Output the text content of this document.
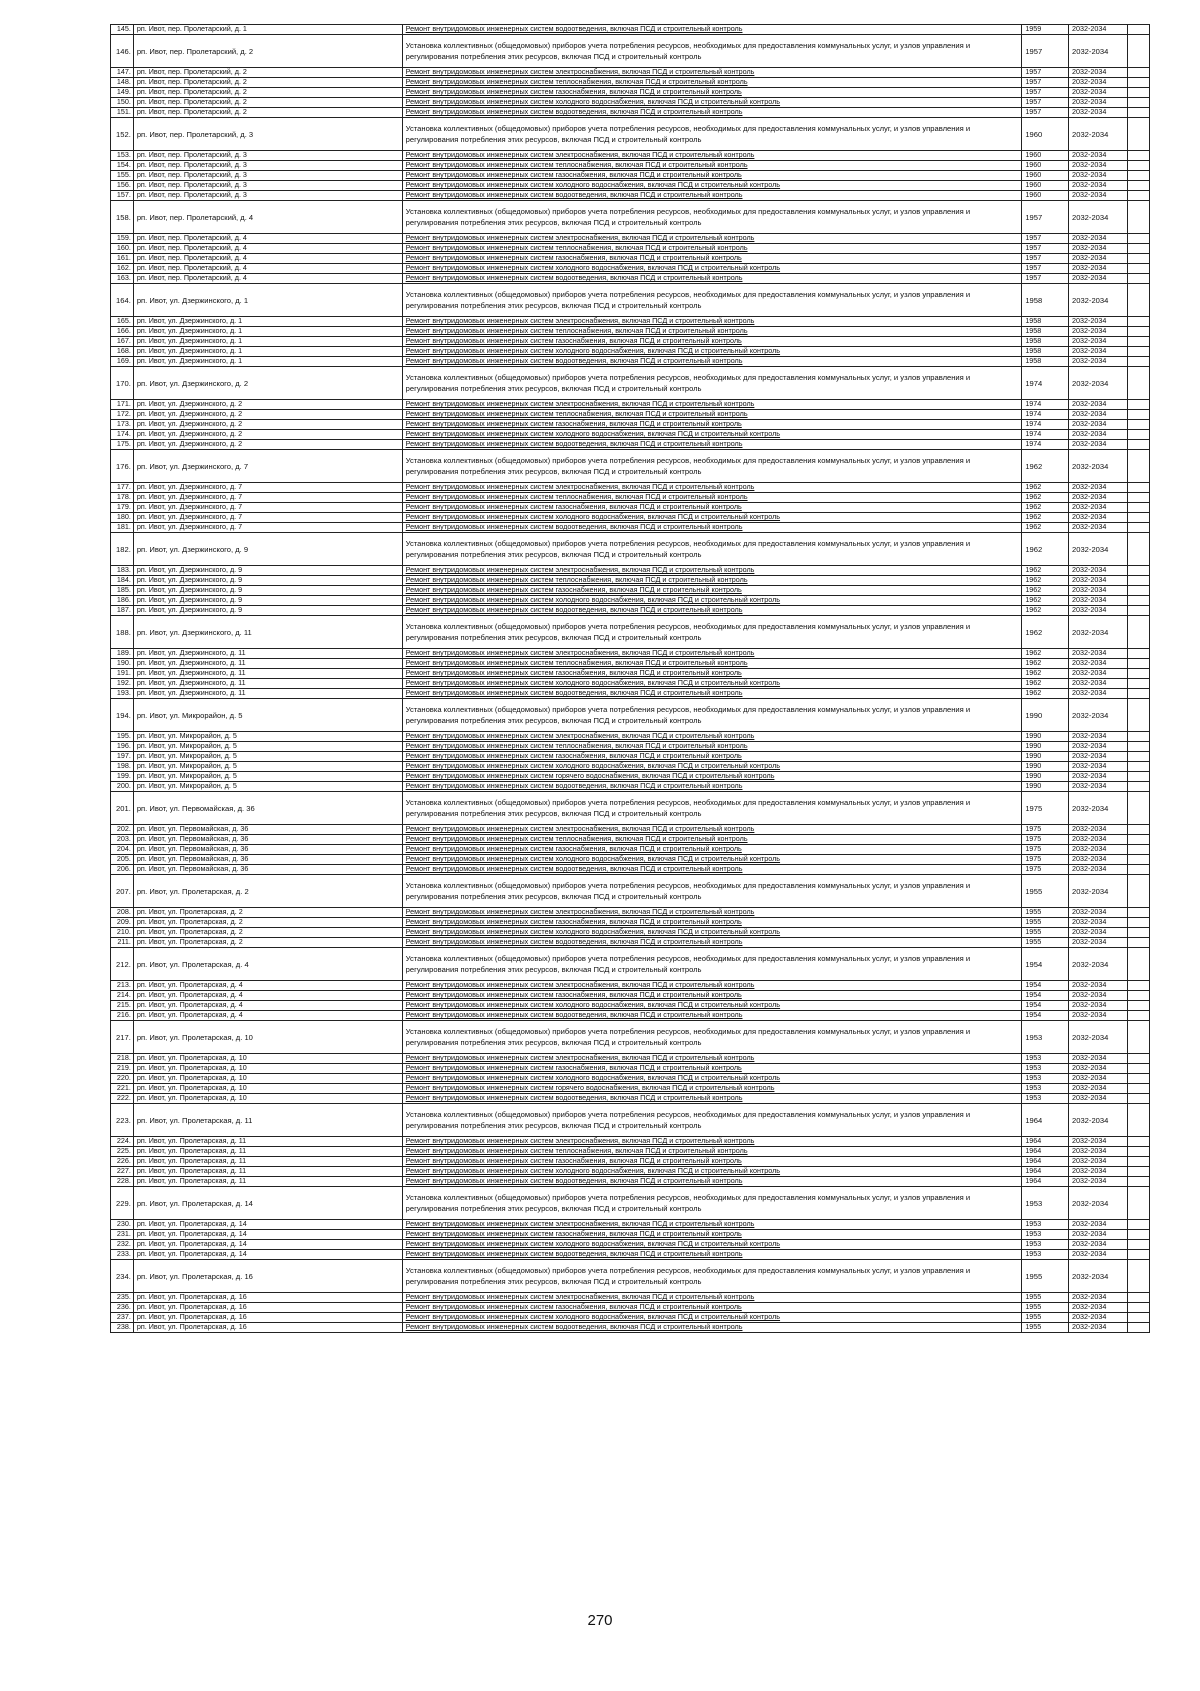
145.	рп. Ивот, пер. Пролетарский, д. 1	Ремонт внутридомовых инженерных систем водоотведения, включая ПСД и строительный контроль	1959	2032-2034	
146.	рп. Ивот, пер. Пролетарский, д. 2	Установка коллективных (общедомовых) приборов учета потребления ресурсов, необходимых для предоставления коммунальных услуг, и узлов управления и регулирования потребления этих ресурсов, включая ПСД и строительный контроль	1957	2032-2034	
147.	рп. Ивот, пер. Пролетарский, д. 2	Ремонт внутридомовых инженерных систем электроснабжения, включая ПСД и строительный контроль	1957	2032-2034	
148.	рп. Ивот, пер. Пролетарский, д. 2	Ремонт внутридомовых инженерных систем теплоснабжения, включая ПСД и строительный контроль	1957	2032-2034	
149.	рп. Ивот, пер. Пролетарский, д. 2	Ремонт внутридомовых инженерных систем газоснабжения, включая ПСД и строительный контроль	1957	2032-2034	
150.	рп. Ивот, пер. Пролетарский, д. 2	Ремонт внутридомовых инженерных систем холодного водоснабжения, включая ПСД и строительный контроль	1957	2032-2034	
151.	рп. Ивот, пер. Пролетарский, д. 2	Ремонт внутридомовых инженерных систем водоотведения, включая ПСД и строительный контроль	1957	2032-2034	
152.	рп. Ивот, пер. Пролетарский, д. 3	Установка коллективных (общедомовых) приборов учета потребления ресурсов, необходимых для предоставления коммунальных услуг, и узлов управления и регулирования потребления этих ресурсов, включая ПСД и строительный контроль	1960	2032-2034	
153.	рп. Ивот, пер. Пролетарский, д. 3	Ремонт внутридомовых инженерных систем электроснабжения, включая ПСД и строительный контроль	1960	2032-2034	
154.	рп. Ивот, пер. Пролетарский, д. 3	Ремонт внутридомовых инженерных систем теплоснабжения, включая ПСД и строительный контроль	1960	2032-2034	
155.	рп. Ивот, пер. Пролетарский, д. 3	Ремонт внутридомовых инженерных систем газоснабжения, включая ПСД и строительный контроль	1960	2032-2034	
156.	рп. Ивот, пер. Пролетарский, д. 3	Ремонт внутридомовых инженерных систем холодного водоснабжения, включая ПСД и строительный контроль	1960	2032-2034	
157.	рп. Ивот, пер. Пролетарский, д. 3	Ремонт внутридомовых инженерных систем водоотведения, включая ПСД и строительный контроль	1960	2032-2034	
158.	рп. Ивот, пер. Пролетарский, д. 4	Установка коллективных (общедомовых) приборов учета потребления ресурсов, необходимых для предоставления коммунальных услуг, и узлов управления и регулирования потребления этих ресурсов, включая ПСД и строительный контроль	1957	2032-2034	
159.	рп. Ивот, пер. Пролетарский, д. 4	Ремонт внутридомовых инженерных систем электроснабжения, включая ПСД и строительный контроль	1957	2032-2034	
160.	рп. Ивот, пер. Пролетарский, д. 4	Ремонт внутридомовых инженерных систем теплоснабжения, включая ПСД и строительный контроль	1957	2032-2034	
161.	рп. Ивот, пер. Пролетарский, д. 4	Ремонт внутридомовых инженерных систем газоснабжения, включая ПСД и строительный контроль	1957	2032-2034	
162.	рп. Ивот, пер. Пролетарский, д. 4	Ремонт внутридомовых инженерных систем холодного водоснабжения, включая ПСД и строительный контроль	1957	2032-2034	
163.	рп. Ивот, пер. Пролетарский, д. 4	Ремонт внутридомовых инженерных систем водоотведения, включая ПСД и строительный контроль	1957	2032-2034	
164.	рп. Ивот, ул. Дзержинского, д. 1	Установка коллективных (общедомовых) приборов учета потребления ресурсов, необходимых для предоставления коммунальных услуг, и узлов управления и регулирования потребления этих ресурсов, включая ПСД и строительный контроль	1958	2032-2034	
165.	рп. Ивот, ул. Дзержинского, д. 1	Ремонт внутридомовых инженерных систем электроснабжения, включая ПСД и строительный контроль	1958	2032-2034	
166.	рп. Ивот, ул. Дзержинского, д. 1	Ремонт внутридомовых инженерных систем теплоснабжения, включая ПСД и строительный контроль	1958	2032-2034	
167.	рп. Ивот, ул. Дзержинского, д. 1	Ремонт внутридомовых инженерных систем газоснабжения, включая ПСД и строительный контроль	1958	2032-2034	
168.	рп. Ивот, ул. Дзержинского, д. 1	Ремонт внутридомовых инженерных систем холодного водоснабжения, включая ПСД и строительный контроль	1958	2032-2034	
169.	рп. Ивот, ул. Дзержинского, д. 1	Ремонт внутридомовых инженерных систем водоотведения, включая ПСД и строительный контроль	1958	2032-2034	
170.	рп. Ивот, ул. Дзержинского, д. 2	Установка коллективных (общедомовых) приборов учета потребления ресурсов, необходимых для предоставления коммунальных услуг, и узлов управления и регулирования потребления этих ресурсов, включая ПСД и строительный контроль	1974	2032-2034	
171.	рп. Ивот, ул. Дзержинского, д. 2	Ремонт внутридомовых инженерных систем электроснабжения, включая ПСД и строительный контроль	1974	2032-2034	
172.	рп. Ивот, ул. Дзержинского, д. 2	Ремонт внутридомовых инженерных систем теплоснабжения, включая ПСД и строительный контроль	1974	2032-2034	
173.	рп. Ивот, ул. Дзержинского, д. 2	Ремонт внутридомовых инженерных систем газоснабжения, включая ПСД и строительный контроль	1974	2032-2034	
174.	рп. Ивот, ул. Дзержинского, д. 2	Ремонт внутридомовых инженерных систем холодного водоснабжения, включая ПСД и строительный контроль	1974	2032-2034	
175.	рп. Ивот, ул. Дзержинского, д. 2	Ремонт внутридомовых инженерных систем водоотведения, включая ПСД и строительный контроль	1974	2032-2034	
176.	рп. Ивот, ул. Дзержинского, д. 7	Установка коллективных (общедомовых) приборов учета потребления ресурсов, необходимых для предоставления коммунальных услуг, и узлов управления и регулирования потребления этих ресурсов, включая ПСД и строительный контроль	1962	2032-2034	
177.	рп. Ивот, ул. Дзержинского, д. 7	Ремонт внутридомовых инженерных систем электроснабжения, включая ПСД и строительный контроль	1962	2032-2034	
178.	рп. Ивот, ул. Дзержинского, д. 7	Ремонт внутридомовых инженерных систем теплоснабжения, включая ПСД и строительный контроль	1962	2032-2034	
179.	рп. Ивот, ул. Дзержинского, д. 7	Ремонт внутридомовых инженерных систем газоснабжения, включая ПСД и строительный контроль	1962	2032-2034	
180.	рп. Ивот, ул. Дзержинского, д. 7	Ремонт внутридомовых инженерных систем холодного водоснабжения, включая ПСД и строительный контроль	1962	2032-2034	
181.	рп. Ивот, ул. Дзержинского, д. 7	Ремонт внутридомовых инженерных систем водоотведения, включая ПСД и строительный контроль	1962	2032-2034	
182.	рп. Ивот, ул. Дзержинского, д. 9	Установка коллективных (общедомовых) приборов учета потребления ресурсов, необходимых для предоставления коммунальных услуг, и узлов управления и регулирования потребления этих ресурсов, включая ПСД и строительный контроль	1962	2032-2034	
183.	рп. Ивот, ул. Дзержинского, д. 9	Ремонт внутридомовых инженерных систем электроснабжения, включая ПСД и строительный контроль	1962	2032-2034	
184.	рп. Ивот, ул. Дзержинского, д. 9	Ремонт внутридомовых инженерных систем теплоснабжения, включая ПСД и строительный контроль	1962	2032-2034	
185.	рп. Ивот, ул. Дзержинского, д. 9	Ремонт внутридомовых инженерных систем газоснабжения, включая ПСД и строительный контроль	1962	2032-2034	
186.	рп. Ивот, ул. Дзержинского, д. 9	Ремонт внутридомовых инженерных систем холодного водоснабжения, включая ПСД и строительный контроль	1962	2032-2034	
187.	рп. Ивот, ул. Дзержинского, д. 9	Ремонт внутридомовых инженерных систем водоотведения, включая ПСД и строительный контроль	1962	2032-2034	
188.	рп. Ивот, ул. Дзержинского, д. 11	Установка коллективных (общедомовых) приборов учета потребления ресурсов, необходимых для предоставления коммунальных услуг, и узлов управления и регулирования потребления этих ресурсов, включая ПСД и строительный контроль	1962	2032-2034	
189.	рп. Ивот, ул. Дзержинского, д. 11	Ремонт внутридомовых инженерных систем электроснабжения, включая ПСД и строительный контроль	1962	2032-2034	
190.	рп. Ивот, ул. Дзержинского, д. 11	Ремонт внутридомовых инженерных систем теплоснабжения, включая ПСД и строительный контроль	1962	2032-2034	
191.	рп. Ивот, ул. Дзержинского, д. 11	Ремонт внутридомовых инженерных систем газоснабжения, включая ПСД и строительный контроль	1962	2032-2034	
192.	рп. Ивот, ул. Дзержинского, д. 11	Ремонт внутридомовых инженерных систем холодного водоснабжения, включая ПСД и строительный контроль	1962	2032-2034	
193.	рп. Ивот, ул. Дзержинского, д. 11	Ремонт внутридомовых инженерных систем водоотведения, включая ПСД и строительный контроль	1962	2032-2034	
194.	рп. Ивот, ул. Микрорайон, д. 5	Установка коллективных (общедомовых) приборов учета потребления ресурсов, необходимых для предоставления коммунальных услуг, и узлов управления и регулирования потребления этих ресурсов, включая ПСД и строительный контроль	1990	2032-2034	
195.	рп. Ивот, ул. Микрорайон, д. 5	Ремонт внутридомовых инженерных систем электроснабжения, включая ПСД и строительный контроль	1990	2032-2034	
196.	рп. Ивот, ул. Микрорайон, д. 5	Ремонт внутридомовых инженерных систем теплоснабжения, включая ПСД и строительный контроль	1990	2032-2034	
197.	рп. Ивот, ул. Микрорайон, д. 5	Ремонт внутридомовых инженерных систем газоснабжения, включая ПСД и строительный контроль	1990	2032-2034	
198.	рп. Ивот, ул. Микрорайон, д. 5	Ремонт внутридомовых инженерных систем холодного водоснабжения, включая ПСД и строительный контроль	1990	2032-2034	
199.	рп. Ивот, ул. Микрорайон, д. 5	Ремонт внутридомовых инженерных систем горячего водоснабжения, включая ПСД и строительный контроль	1990	2032-2034	
200.	рп. Ивот, ул. Микрорайон, д. 5	Ремонт внутридомовых инженерных систем водоотведения, включая ПСД и строительный контроль	1990	2032-2034	
201.	рп. Ивот, ул. Первомайская, д. 36	Установка коллективных (общедомовых) приборов учета потребления ресурсов, необходимых для предоставления коммунальных услуг, и узлов управления и регулирования потребления этих ресурсов, включая ПСД и строительный контроль	1975	2032-2034	
202.	рп. Ивот, ул. Первомайская, д. 36	Ремонт внутридомовых инженерных систем электроснабжения, включая ПСД и строительный контроль	1975	2032-2034	
203.	рп. Ивот, ул. Первомайская, д. 36	Ремонт внутридомовых инженерных систем теплоснабжения, включая ПСД и строительный контроль	1975	2032-2034	
204.	рп. Ивот, ул. Первомайская, д. 36	Ремонт внутридомовых инженерных систем газоснабжения, включая ПСД и строительный контроль	1975	2032-2034	
205.	рп. Ивот, ул. Первомайская, д. 36	Ремонт внутридомовых инженерных систем холодного водоснабжения, включая ПСД и строительный контроль	1975	2032-2034	
206.	рп. Ивот, ул. Первомайская, д. 36	Ремонт внутридомовых инженерных систем водоотведения, включая ПСД и строительный контроль	1975	2032-2034	
207.	рп. Ивот, ул. Пролетарская, д. 2	Установка коллективных (общедомовых) приборов учета потребления ресурсов, необходимых для предоставления коммунальных услуг, и узлов управления и регулирования потребления этих ресурсов, включая ПСД и строительный контроль	1955	2032-2034	
208.	рп. Ивот, ул. Пролетарская, д. 2	Ремонт внутридомовых инженерных систем электроснабжения, включая ПСД и строительный контроль	1955	2032-2034	
209.	рп. Ивот, ул. Пролетарская, д. 2	Ремонт внутридомовых инженерных систем газоснабжения, включая ПСД и строительный контроль	1955	2032-2034	
210.	рп. Ивот, ул. Пролетарская, д. 2	Ремонт внутридомовых инженерных систем холодного водоснабжения, включая ПСД и строительный контроль	1955	2032-2034	
211.	рп. Ивот, ул. Пролетарская, д. 2	Ремонт внутридомовых инженерных систем водоотведения, включая ПСД и строительный контроль	1955	2032-2034	
212.	рп. Ивот, ул. Пролетарская, д. 4	Установка коллективных (общедомовых) приборов учета потребления ресурсов, необходимых для предоставления коммунальных услуг, и узлов управления и регулирования потребления этих ресурсов, включая ПСД и строительный контроль	1954	2032-2034	
213.	рп. Ивот, ул. Пролетарская, д. 4	Ремонт внутридомовых инженерных систем электроснабжения, включая ПСД и строительный контроль	1954	2032-2034	
214.	рп. Ивот, ул. Пролетарская, д. 4	Ремонт внутридомовых инженерных систем газоснабжения, включая ПСД и строительный контроль	1954	2032-2034	
215.	рп. Ивот, ул. Пролетарская, д. 4	Ремонт внутридомовых инженерных систем холодного водоснабжения, включая ПСД и строительный контроль	1954	2032-2034	
216.	рп. Ивот, ул. Пролетарская, д. 4	Ремонт внутридомовых инженерных систем водоотведения, включая ПСД и строительный контроль	1954	2032-2034	
217.	рп. Ивот, ул. Пролетарская, д. 10	Установка коллективных (общедомовых) приборов учета потребления ресурсов, необходимых для предоставления коммунальных услуг, и узлов управления и регулирования потребления этих ресурсов, включая ПСД и строительный контроль	1953	2032-2034	
218.	рп. Ивот, ул. Пролетарская, д. 10	Ремонт внутридомовых инженерных систем электроснабжения, включая ПСД и строительный контроль	1953	2032-2034	
219.	рп. Ивот, ул. Пролетарская, д. 10	Ремонт внутридомовых инженерных систем газоснабжения, включая ПСД и строительный контроль	1953	2032-2034	
220.	рп. Ивот, ул. Пролетарская, д. 10	Ремонт внутридомовых инженерных систем холодного водоснабжения, включая ПСД и строительный контроль	1953	2032-2034	
221.	рп. Ивот, ул. Пролетарская, д. 10	Ремонт внутридомовых инженерных систем горячего водоснабжения, включая ПСД и строительный контроль	1953	2032-2034	
222.	рп. Ивот, ул. Пролетарская, д. 10	Ремонт внутридомовых инженерных систем водоотведения, включая ПСД и строительный контроль	1953	2032-2034	
223.	рп. Ивот, ул. Пролетарская, д. 11	Установка коллективных (общедомовых) приборов учета потребления ресурсов, необходимых для предоставления коммунальных услуг, и узлов управления и регулирования потребления этих ресурсов, включая ПСД и строительный контроль	1964	2032-2034	
224.	рп. Ивот, ул. Пролетарская, д. 11	Ремонт внутридомовых инженерных систем электроснабжения, включая ПСД и строительный контроль	1964	2032-2034	
225.	рп. Ивот, ул. Пролетарская, д. 11	Ремонт внутридомовых инженерных систем теплоснабжения, включая ПСД и строительный контроль	1964	2032-2034	
226.	рп. Ивот, ул. Пролетарская, д. 11	Ремонт внутридомовых инженерных систем газоснабжения, включая ПСД и строительный контроль	1964	2032-2034	
227.	рп. Ивот, ул. Пролетарская, д. 11	Ремонт внутридомовых инженерных систем холодного водоснабжения, включая ПСД и строительный контроль	1964	2032-2034	
228.	рп. Ивот, ул. Пролетарская, д. 11	Ремонт внутридомовых инженерных систем водоотведения, включая ПСД и строительный контроль	1964	2032-2034	
229.	рп. Ивот, ул. Пролетарская, д. 14	Установка коллективных (общедомовых) приборов учета потребления ресурсов, необходимых для предоставления коммунальных услуг, и узлов управления и регулирования потребления этих ресурсов, включая ПСД и строительный контроль	1953	2032-2034	
230.	рп. Ивот, ул. Пролетарская, д. 14	Ремонт внутридомовых инженерных систем электроснабжения, включая ПСД и строительный контроль	1953	2032-2034	
231.	рп. Ивот, ул. Пролетарская, д. 14	Ремонт внутридомовых инженерных систем газоснабжения, включая ПСД и строительный контроль	1953	2032-2034	
232.	рп. Ивот, ул. Пролетарская, д. 14	Ремонт внутридомовых инженерных систем холодного водоснабжения, включая ПСД и строительный контроль	1953	2032-2034	
233.	рп. Ивот, ул. Пролетарская, д. 14	Ремонт внутридомовых инженерных систем водоотведения, включая ПСД и строительный контроль	1953	2032-2034	
234.	рп. Ивот, ул. Пролетарская, д. 16	Установка коллективных (общедомовых) приборов учета потребления ресурсов, необходимых для предоставления коммунальных услуг, и узлов управления и регулирования потребления этих ресурсов, включая ПСД и строительный контроль	1955	2032-2034	
235.	рп. Ивот, ул. Пролетарская, д. 16	Ремонт внутридомовых инженерных систем электроснабжения, включая ПСД и строительный контроль	1955	2032-2034	
236.	рп. Ивот, ул. Пролетарская, д. 16	Ремонт внутридомовых инженерных систем газоснабжения, включая ПСД и строительный контроль	1955	2032-2034	
237.	рп. Ивот, ул. Пролетарская, д. 16	Ремонт внутридомовых инженерных систем холодного водоснабжения, включая ПСД и строительный контроль	1955	2032-2034	
238.	рп. Ивот, ул. Пролетарская, д. 16	Ремонт внутридомовых инженерных систем водоотведения, включая ПСД и строительный контроль	1955	2032-2034	
270
